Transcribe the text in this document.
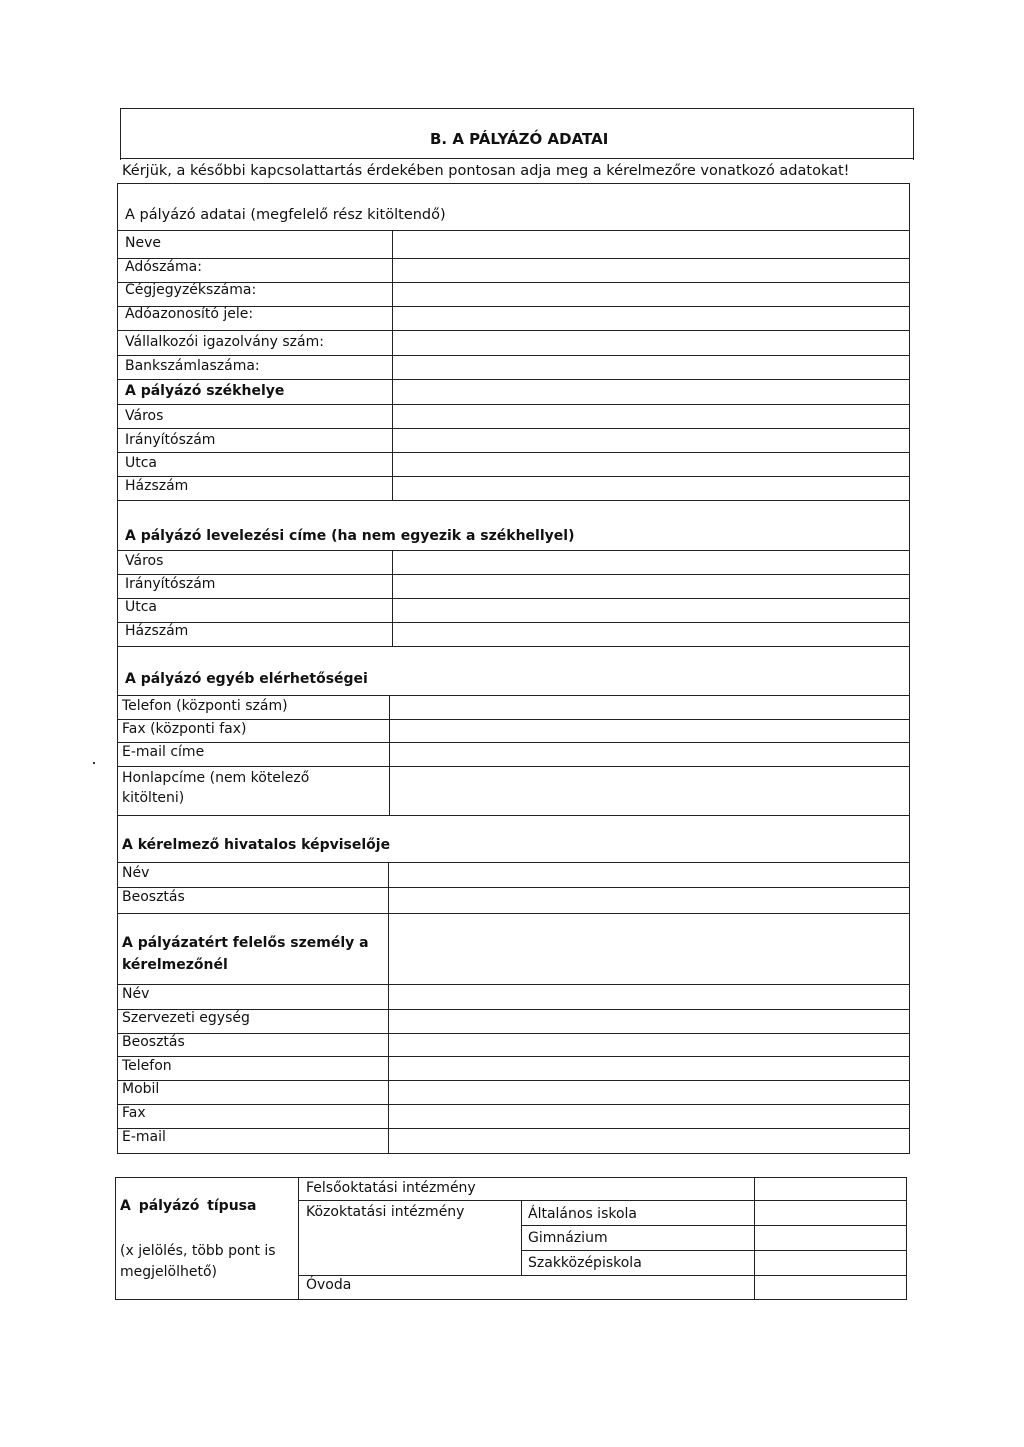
B. A PÁLYÁZÓ ADATAI
Kérjük, a későbbi kapcsolattartás érdekében pontosan adja meg a kérelmezőre vonatkozó adatokat!
A pályázó adatai (megfelelő rész kitöltendő)
Neve
Adószáma:
Cégjegyzékszáma:
Adóazonosító jele:
Vállalkozói igazolvány szám:
Bankszámlaszáma:
A pályázó székhelye
Város
Irányítószám
Utca
Házszám
A pályázó levelezési címe (ha nem egyezik a székhellyel)
Város
Irányítószám
Utca
Házszám
A pályázó egyéb elérhetőségei
Telefon (központi szám)
Fax (központi fax)
E-mail címe
Honlapcíme (nem kötelező kitölteni)
A kérelmező hivatalos képviselője
Név
Beosztás
A pályázatért felelős személy a kérelmezőnél
Név
Szervezeti egység
Beosztás
Telefon
Mobil
Fax
E-mail
A pályázó típusa
(x jelölés, több pont is megjelölhető)
Felsőoktatási intézmény
Közoktatási intézmény	Általános iskola
Gimnázium
Szakközépiskola
Óvoda
